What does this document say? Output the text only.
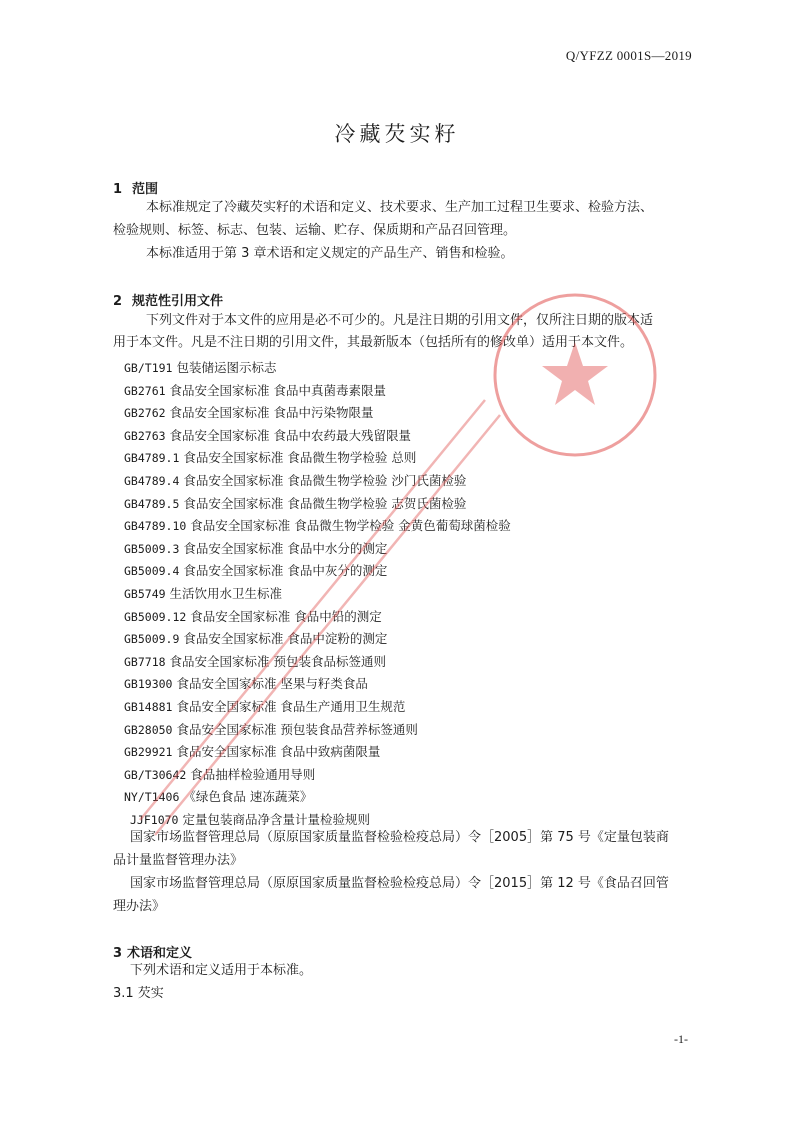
Q/YFZZ 0001S—2019
冷藏芡实籽
1 范围
本标准规定了冷藏芡实籽的术语和定义、技术要求、生产加工过程卫生要求、检验方法、
检验规则、标签、标志、包装、运输、贮存、保质期和产品召回管理。
本标准适用于第 3 章术语和定义规定的产品生产、销售和检验。
2 规范性引用文件
下列文件对于本文件的应用是必不可少的。凡是注日期的引用文件，仅所注日期的版本适
用于本文件。凡是不注日期的引用文件，其最新版本（包括所有的修改单）适用于本文件。
GB/T191 包装储运图示标志
GB2761 食品安全国家标准 食品中真菌毒素限量
GB2762 食品安全国家标准 食品中污染物限量
GB2763 食品安全国家标准 食品中农药最大残留限量
GB4789.1 食品安全国家标准 食品微生物学检验 总则
GB4789.4 食品安全国家标准 食品微生物学检验 沙门氏菌检验
GB4789.5 食品安全国家标准 食品微生物学检验 志贺氏菌检验
GB4789.10 食品安全国家标准 食品微生物学检验 金黄色葡萄球菌检验
GB5009.3 食品安全国家标准 食品中水分的测定
GB5009.4 食品安全国家标准 食品中灰分的测定
GB5749 生活饮用水卫生标准
GB5009.12 食品安全国家标准 食品中铅的测定
GB5009.9 食品安全国家标准 食品中淀粉的测定
GB7718 食品安全国家标准 预包装食品标签通则
GB19300 食品安全国家标准 坚果与籽类食品
GB14881 食品安全国家标准 食品生产通用卫生规范
GB28050 食品安全国家标准 预包装食品营养标签通则
GB29921 食品安全国家标准 食品中致病菌限量
GB/T30642 食品抽样检验通用导则
NY/T1406 《绿色食品 速冻蔬菜》
JJF1070 定量包装商品净含量计量检验规则
国家市场监督管理总局（原原国家质量监督检验检疫总局）令［2005］第 75 号《定量包装商
品计量监督管理办法》
国家市场监督管理总局（原原国家质量监督检验检疫总局）令［2015］第 12 号《食品召回管
理办法》
3 术语和定义
下列术语和定义适用于本标准。
3.1 芡实
-1-
